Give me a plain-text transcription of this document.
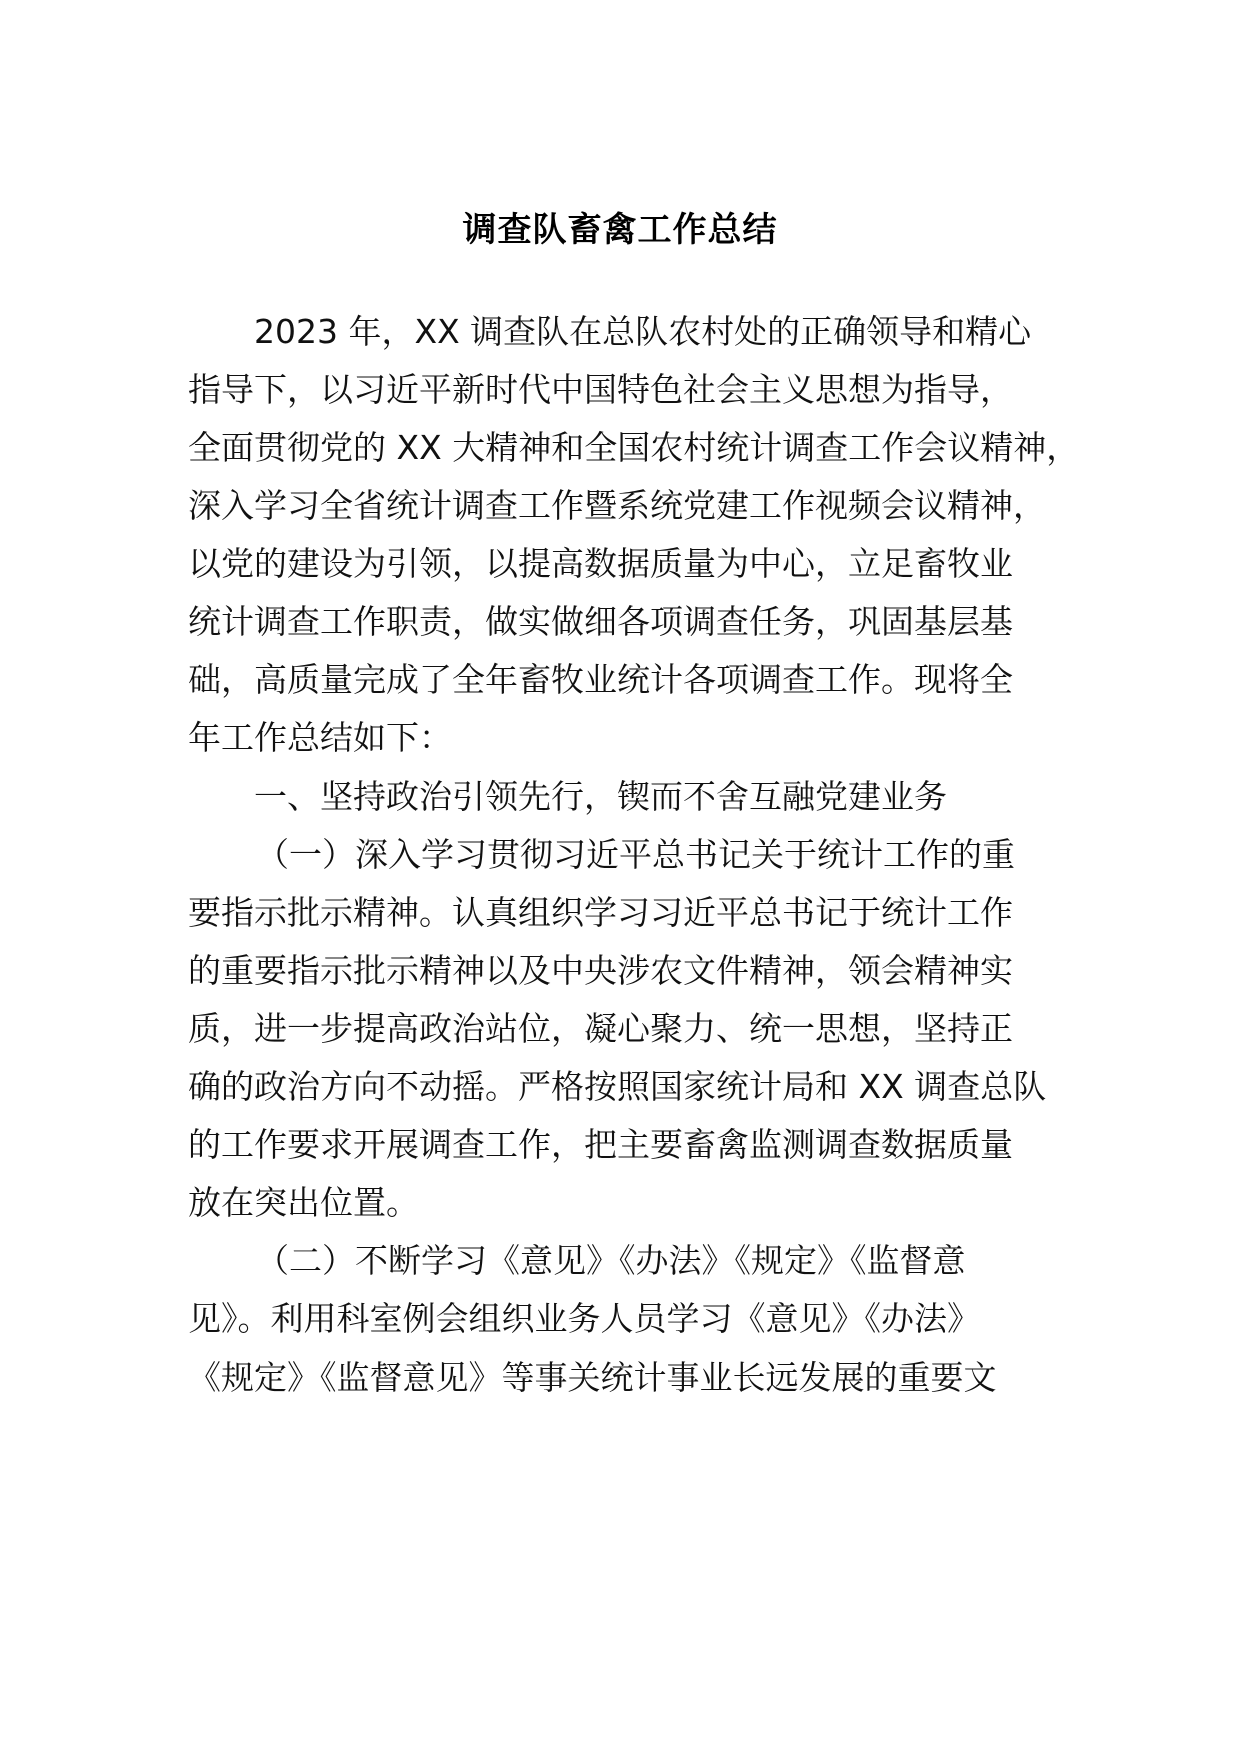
调查队畜禽工作总结

2023 年，XX 调查队在总队农村处的正确领导和精心

指导下，以习近平新时代中国特色社会主义思想为指导，

全面贯彻党的 XX 大精神和全国农村统计调查工作会议精神，

深入学习全省统计调查工作暨系统党建工作视频会议精神，

以党的建设为引领，以提高数据质量为中心，立足畜牧业

统计调查工作职责，做实做细各项调查任务，巩固基层基

础，高质量完成了全年畜牧业统计各项调查工作。现将全

年工作总结如下：

一、坚持政治引领先行，锲而不舍互融党建业务

（一）深入学习贯彻习近平总书记关于统计工作的重

要指示批示精神。认真组织学习习近平总书记于统计工作

的重要指示批示精神以及中央涉农文件精神，领会精神实

质，进一步提高政治站位，凝心聚力、统一思想，坚持正

确的政治方向不动摇。严格按照国家统计局和 XX 调查总队

的工作要求开展调查工作，把主要畜禽监测调查数据质量

放在突出位置。

（二）不断学习《意见》《办法》《规定》《监督意

见》。利用科室例会组织业务人员学习《意见》《办法》

《规定》《监督意见》等事关统计事业长远发展的重要文
